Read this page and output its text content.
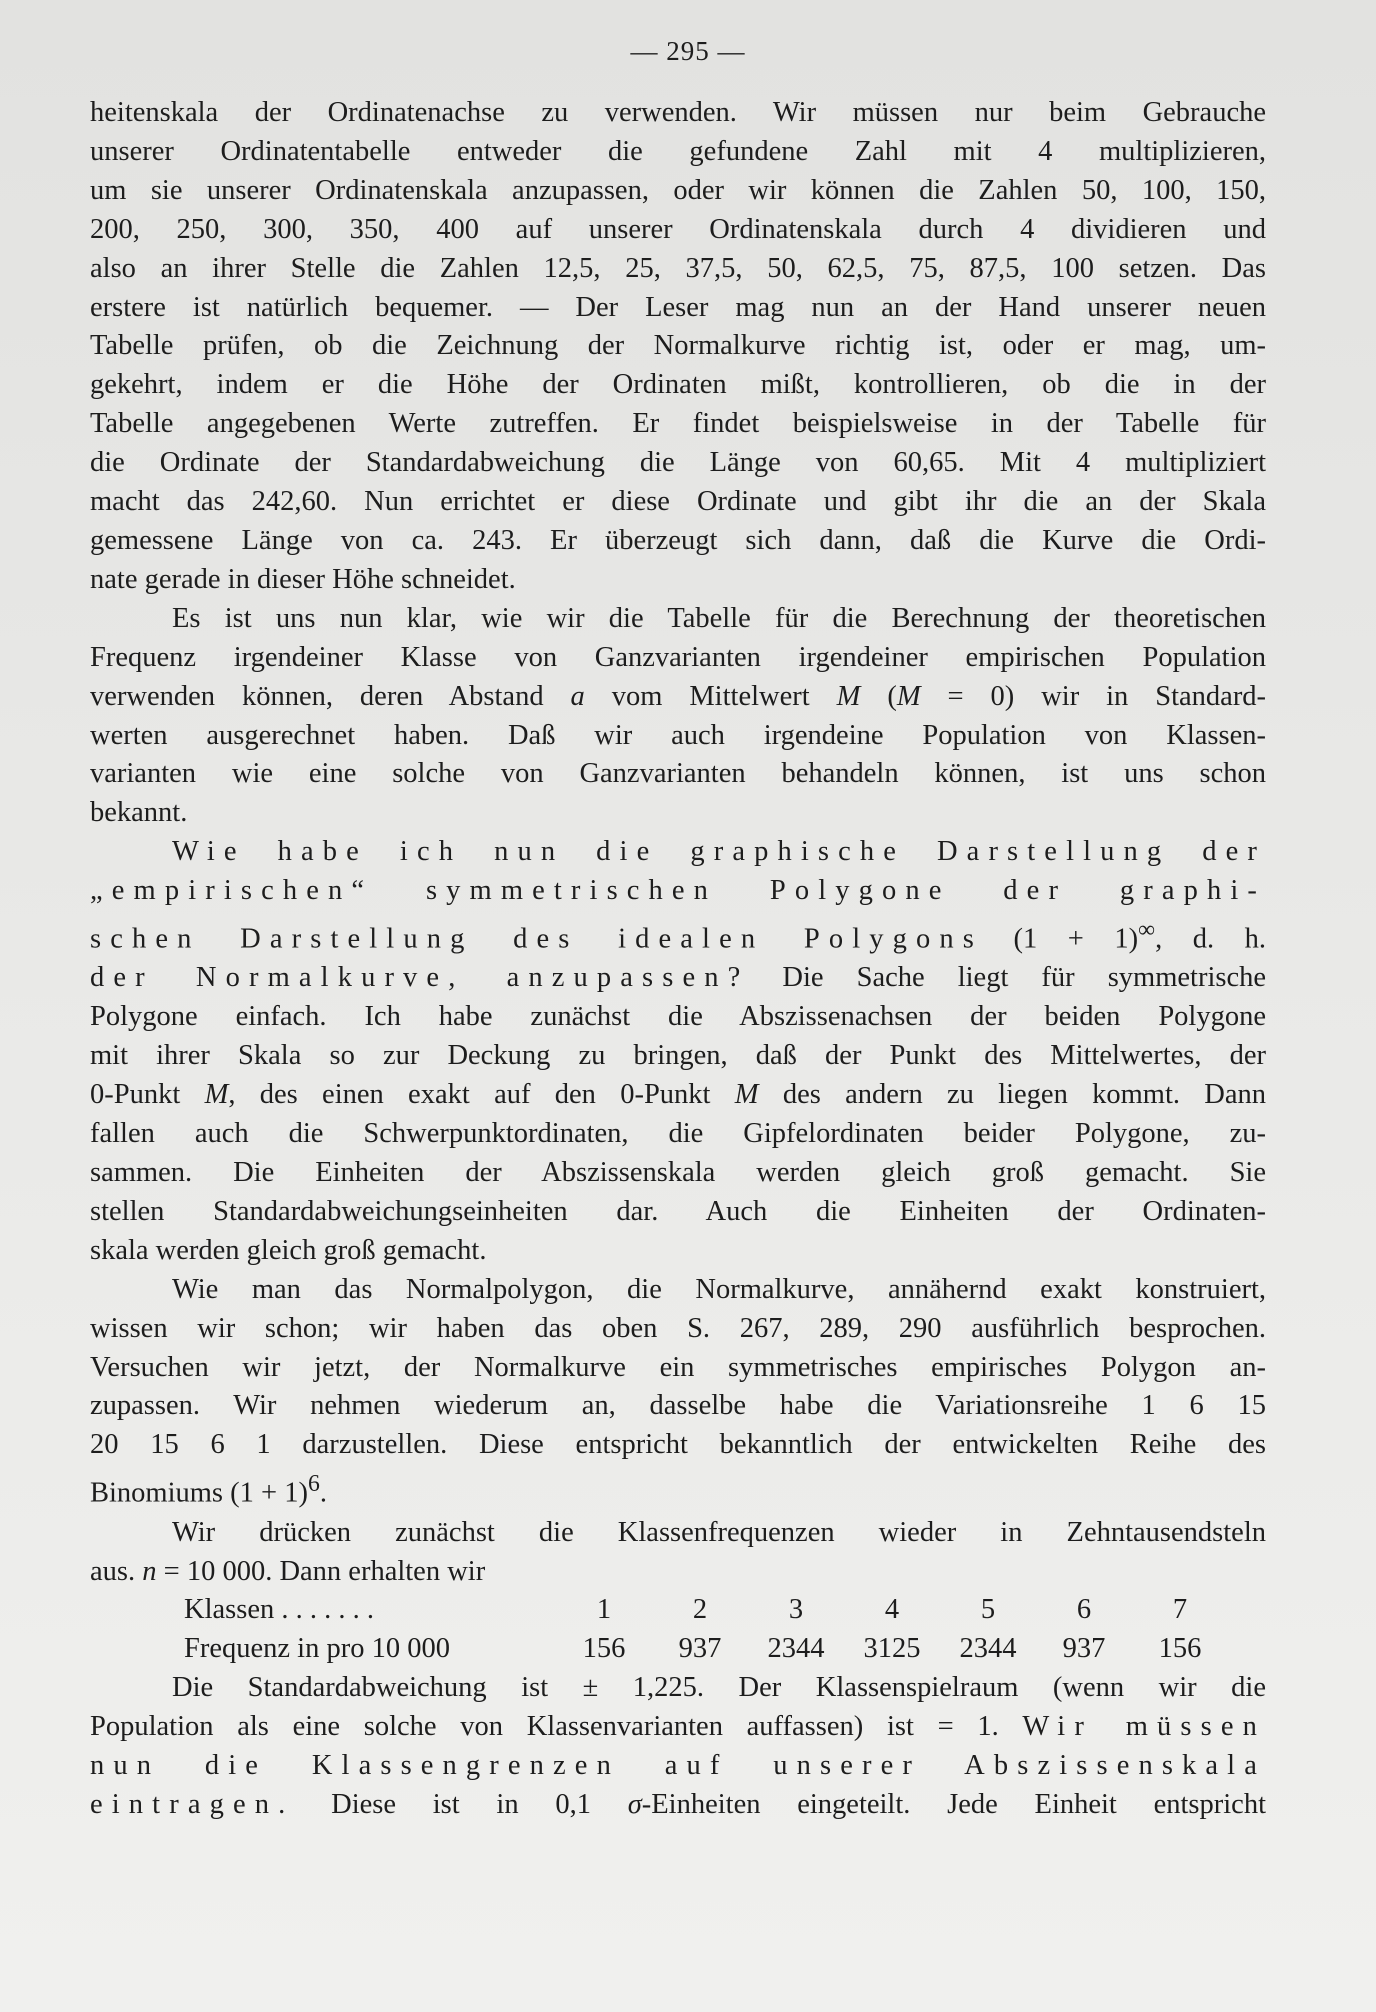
— 295 —

heitenskala der Ordinatenachse zu verwenden. Wir müssen nur beim Gebrauche

unserer Ordinatentabelle entweder die gefundene Zahl mit 4 multiplizieren,

um sie unserer Ordinatenskala anzupassen, oder wir können die Zahlen 50, 100, 150,

200, 250, 300, 350, 400 auf unserer Ordinatenskala durch 4 dividieren und

also an ihrer Stelle die Zahlen 12,5, 25, 37,5, 50, 62,5, 75, 87,5, 100 setzen. Das

erstere ist natürlich bequemer. — Der Leser mag nun an der Hand unserer neuen

Tabelle prüfen, ob die Zeichnung der Normalkurve richtig ist, oder er mag, um-

gekehrt, indem er die Höhe der Ordinaten mißt, kontrollieren, ob die in der

Tabelle angegebenen Werte zutreffen. Er findet beispielsweise in der Tabelle für

die Ordinate der Standardabweichung die Länge von 60,65. Mit 4 multipliziert

macht das 242,60. Nun errichtet er diese Ordinate und gibt ihr die an der Skala

gemessene Länge von ca. 243. Er überzeugt sich dann, daß die Kurve die Ordi-

nate gerade in dieser Höhe schneidet.

Es ist uns nun klar, wie wir die Tabelle für die Berechnung der theoretischen

Frequenz irgendeiner Klasse von Ganzvarianten irgendeiner empirischen Population

verwenden können, deren Abstand a vom Mittelwert M (M = 0) wir in Standard-

werten ausgerechnet haben. Daß wir auch irgendeine Population von Klassen-

varianten wie eine solche von Ganzvarianten behandeln können, ist uns schon

bekannt.

Wie habe ich nun die graphische Darstellung der

„empirischen“ symmetrischen Polygone der graphi-

schen Darstellung des idealen Polygons (1 + 1)∞, d. h.

der Normalkurve, anzupassen? Die Sache liegt für symmetrische

Polygone einfach. Ich habe zunächst die Abszissenachsen der beiden Polygone

mit ihrer Skala so zur Deckung zu bringen, daß der Punkt des Mittelwertes, der

0-Punkt M, des einen exakt auf den 0-Punkt M des andern zu liegen kommt. Dann

fallen auch die Schwerpunktordinaten, die Gipfelordinaten beider Polygone, zu-

sammen. Die Einheiten der Abszissenskala werden gleich groß gemacht. Sie

stellen Standardabweichungseinheiten dar. Auch die Einheiten der Ordinaten-

skala werden gleich groß gemacht.

Wie man das Normalpolygon, die Normalkurve, annähernd exakt konstruiert,

wissen wir schon; wir haben das oben S. 267, 289, 290 ausführlich besprochen.

Versuchen wir jetzt, der Normalkurve ein symmetrisches empirisches Polygon an-

zupassen. Wir nehmen wiederum an, dasselbe habe die Variationsreihe 1 6 15

20 15 6 1 darzustellen. Diese entspricht bekanntlich der entwickelten Reihe des

Binomiums $(1 + 1)^6$.

Wir drücken zunächst die Klassenfrequenzen wieder in Zehntausendsteln

aus. n = 10 000. Dann erhalten wir

Klassen . . . . . . .	1	2	3	4	5	6	7
Frequenz in pro 10 000	156	937	2344	3125	2344	937	156

Die Standardabweichung ist ± 1,225. Der Klassenspielraum (wenn wir die

Population als eine solche von Klassenvarianten auffassen) ist = 1. Wir müssen

nun die Klassengrenzen auf unserer Abszissenskala

eintragen. Diese ist in 0,1 σ-Einheiten eingeteilt. Jede Einheit entspricht
